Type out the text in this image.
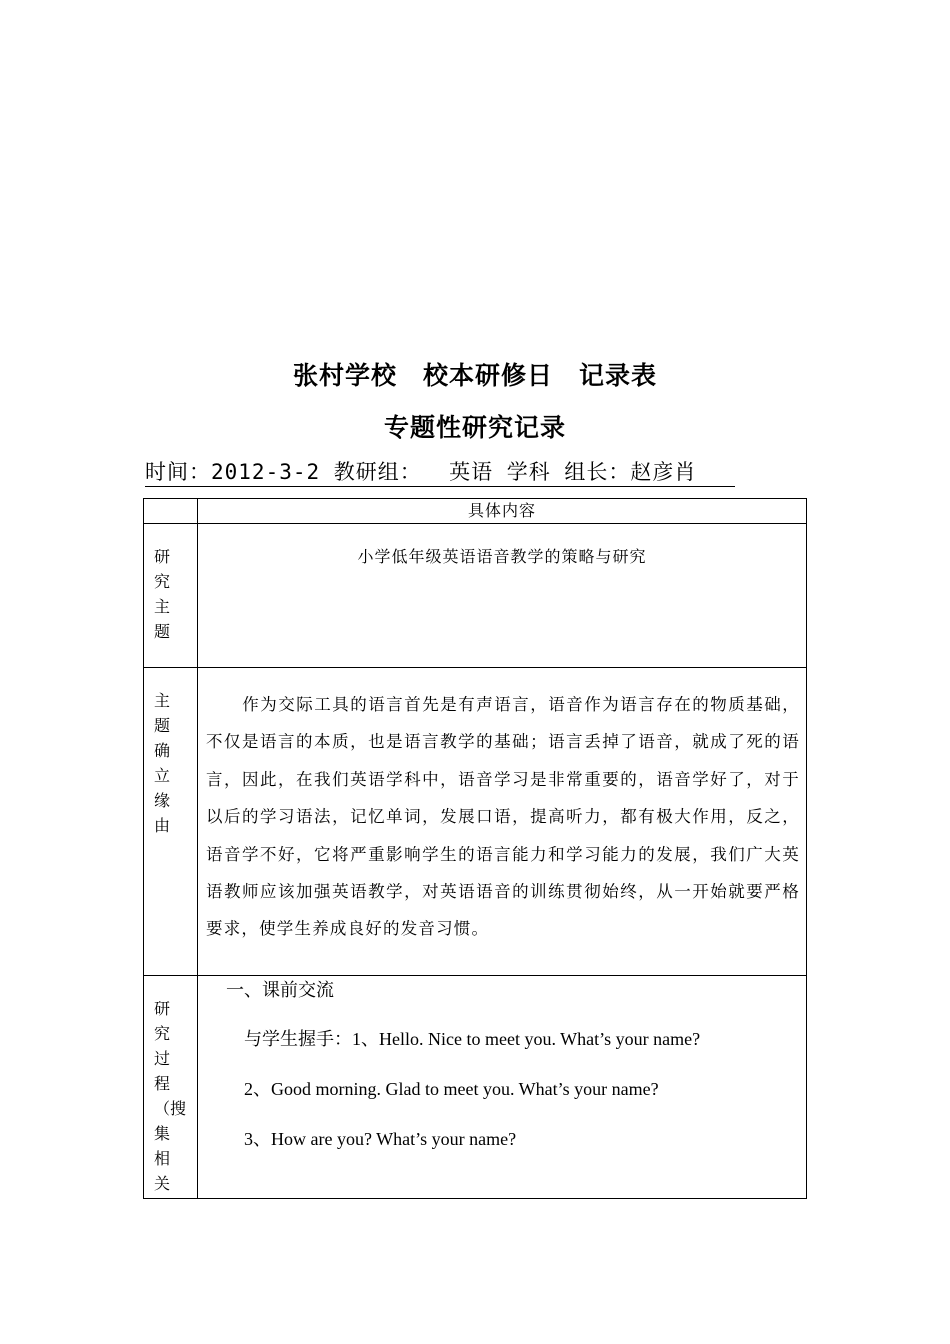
张村学校　校本研修日　记录表
专题性研究记录
时间：2012-3-2 教研组：  英语 学科 组长：赵彦肖
	具体内容

研究主题	小学低年级英语语音教学的策略与研究

主题确立缘由	作为交际工具的语言首先是有声语言，语音作为语言存在的物质基础，不仅是语言的本质，也是语言教学的基础；语言丢掉了语音，就成了死的语言，因此，在我们英语学科中，语音学习是非常重要的，语音学好了，对于以后的学习语法，记忆单词，发展口语，提高听力，都有极大作用，反之，语音学不好，它将严重影响学生的语言能力和学习能力的发展，我们广大英语教师应该加强英语教学，对英语语音的训练贯彻始终，从一开始就要严格要求，使学生养成良好的发音习惯。

研究过程（搜集相关	一、课前交流
与学生握手：1、Hello. Nice to meet you. What’s your name?
2、Good morning. Glad to meet you. What’s your name?
3、How are you? What’s your name?
